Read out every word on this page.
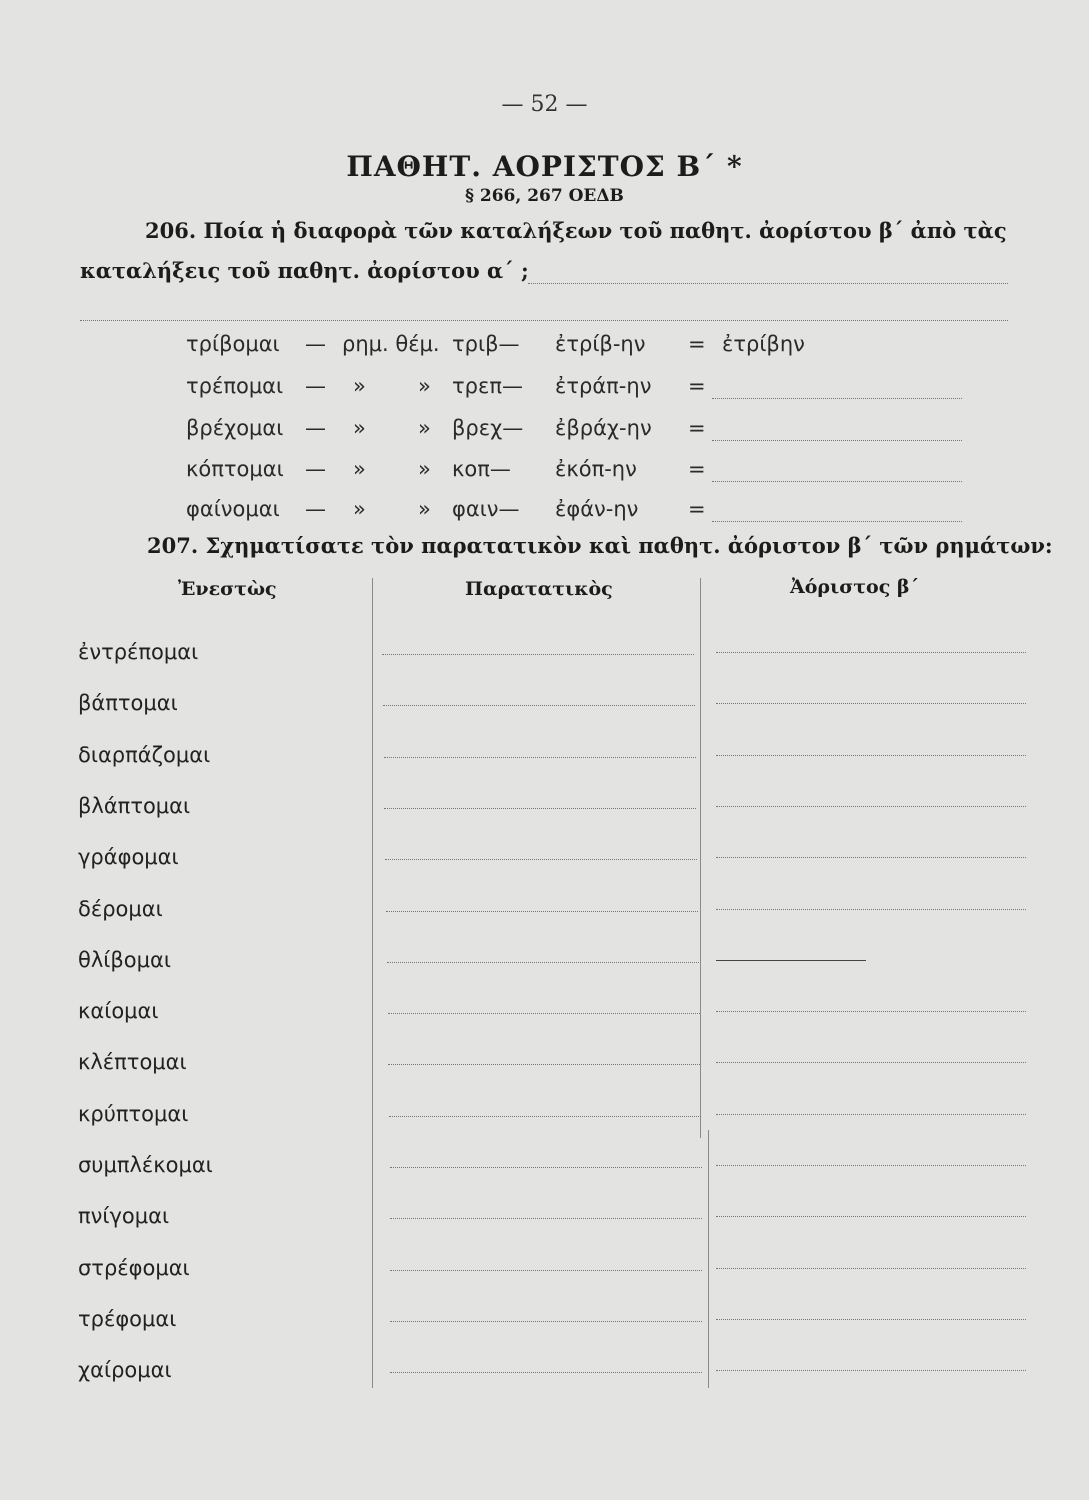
— 52 —
ΠΑΘΗΤ. ΑΟΡΙΣΤΟΣ Β΄ *
§ 266, 267 ΟΕΔΒ
206. Ποία ἡ διαφορὰ τῶν καταλήξεων τοῦ παθητ. ἀορίστου β΄ ἀπὸ τὰς
καταλήξεις τοῦ παθητ. ἀορίστου α΄ ;
τρίβομαι — ρημ. θέμ. τριβ— ἐτρίβ-ην = ἐτρίβην
τρέπομαι — » » τρεπ— ἐτράπ-ην =
βρέχομαι — » » βρεχ— ἐβράχ-ην =
κόπτομαι — » » κοπ— ἐκόπ-ην =
φαίνομαι — » » φαιν— ἐφάν-ην =
207. Σχηματίσατε τὸν παρατατικὸν καὶ παθητ. ἀόριστον β΄ τῶν ρημάτων:
Ἐνεστὼς	Παρατατικὸς	Ἀόριστος β΄
ἐντρέπομαι
βάπτομαι
διαρπάζομαι
βλάπτομαι
γράφομαι
δέρομαι
θλίβομαι
καίομαι
κλέπτομαι
κρύπτομαι
συμπλέκομαι
πνίγομαι
στρέφομαι
τρέφομαι
χαίρομαι
